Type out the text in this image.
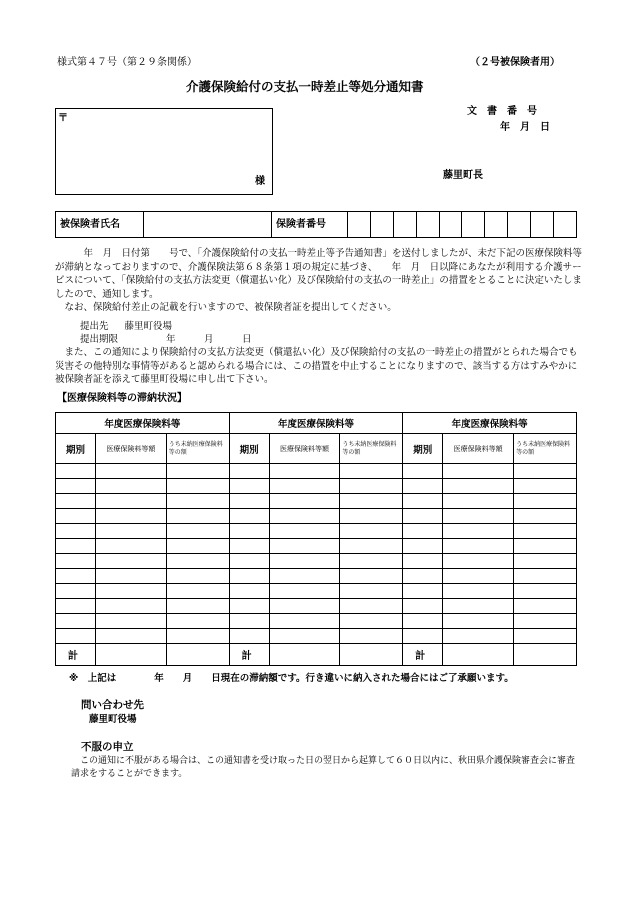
様式第４７号（第２９条関係）	（２号被保険者用）
介護保険給付の支払一時差止等処分通知書
〒
様
文　書　番　号
年　月　日
藤里町長
被保険者氏名		保険者番号										

　　　年　月　日付第　　号で、「介護保険給付の支払一時差止等予告通知書」を送付しましたが、未だ下記の医療保険料等が滞納となっておりますので、介護保険法第６８条第１項の規定に基づき、　　年　月　日以降にあなたが利用する介護サービスについて、「保険給付の支払方法変更（償還払い化）及び保険給付の支払の一時差止」の措置をとることに決定いたしましたので、通知します。

　なお、保険給付差止の記載を行いますので、被保険者証を提出してください。

提出先 藤里町役場
提出期限	年　　　月　　　日
　また、この通知により保険給付の支払方法変更（償還払い化）及び保険給付の支払の一時差止の措置がとられた場合でも災害その他特別な事情等があると認められる場合には、この措置を中止することになりますので、該当する方はすみやかに被保険者証を添えて藤里町役場に申し出て下さい。
【医療保険料等の滞納状況】
年度医療保険料等			年度医療保険料等			年度医療保険料等		
期別	医療保険料等額	うち未納医療保険料等の額	期別	医療保険料等額	うち未納医療保険料等の額	期別	医療保険料等額	うち未納医療保険料等の額

計			計			計		
※　上記は　　　　年　　月　　日現在の滞納額です。行き違いに納入された場合にはご了承願います。
問い合わせ先
藤里町役場
不服の申立
　この通知に不服がある場合は、この通知書を受け取った日の翌日から起算して６０日以内に、秋田県介護保険審査会に審査請求をすることができます。
